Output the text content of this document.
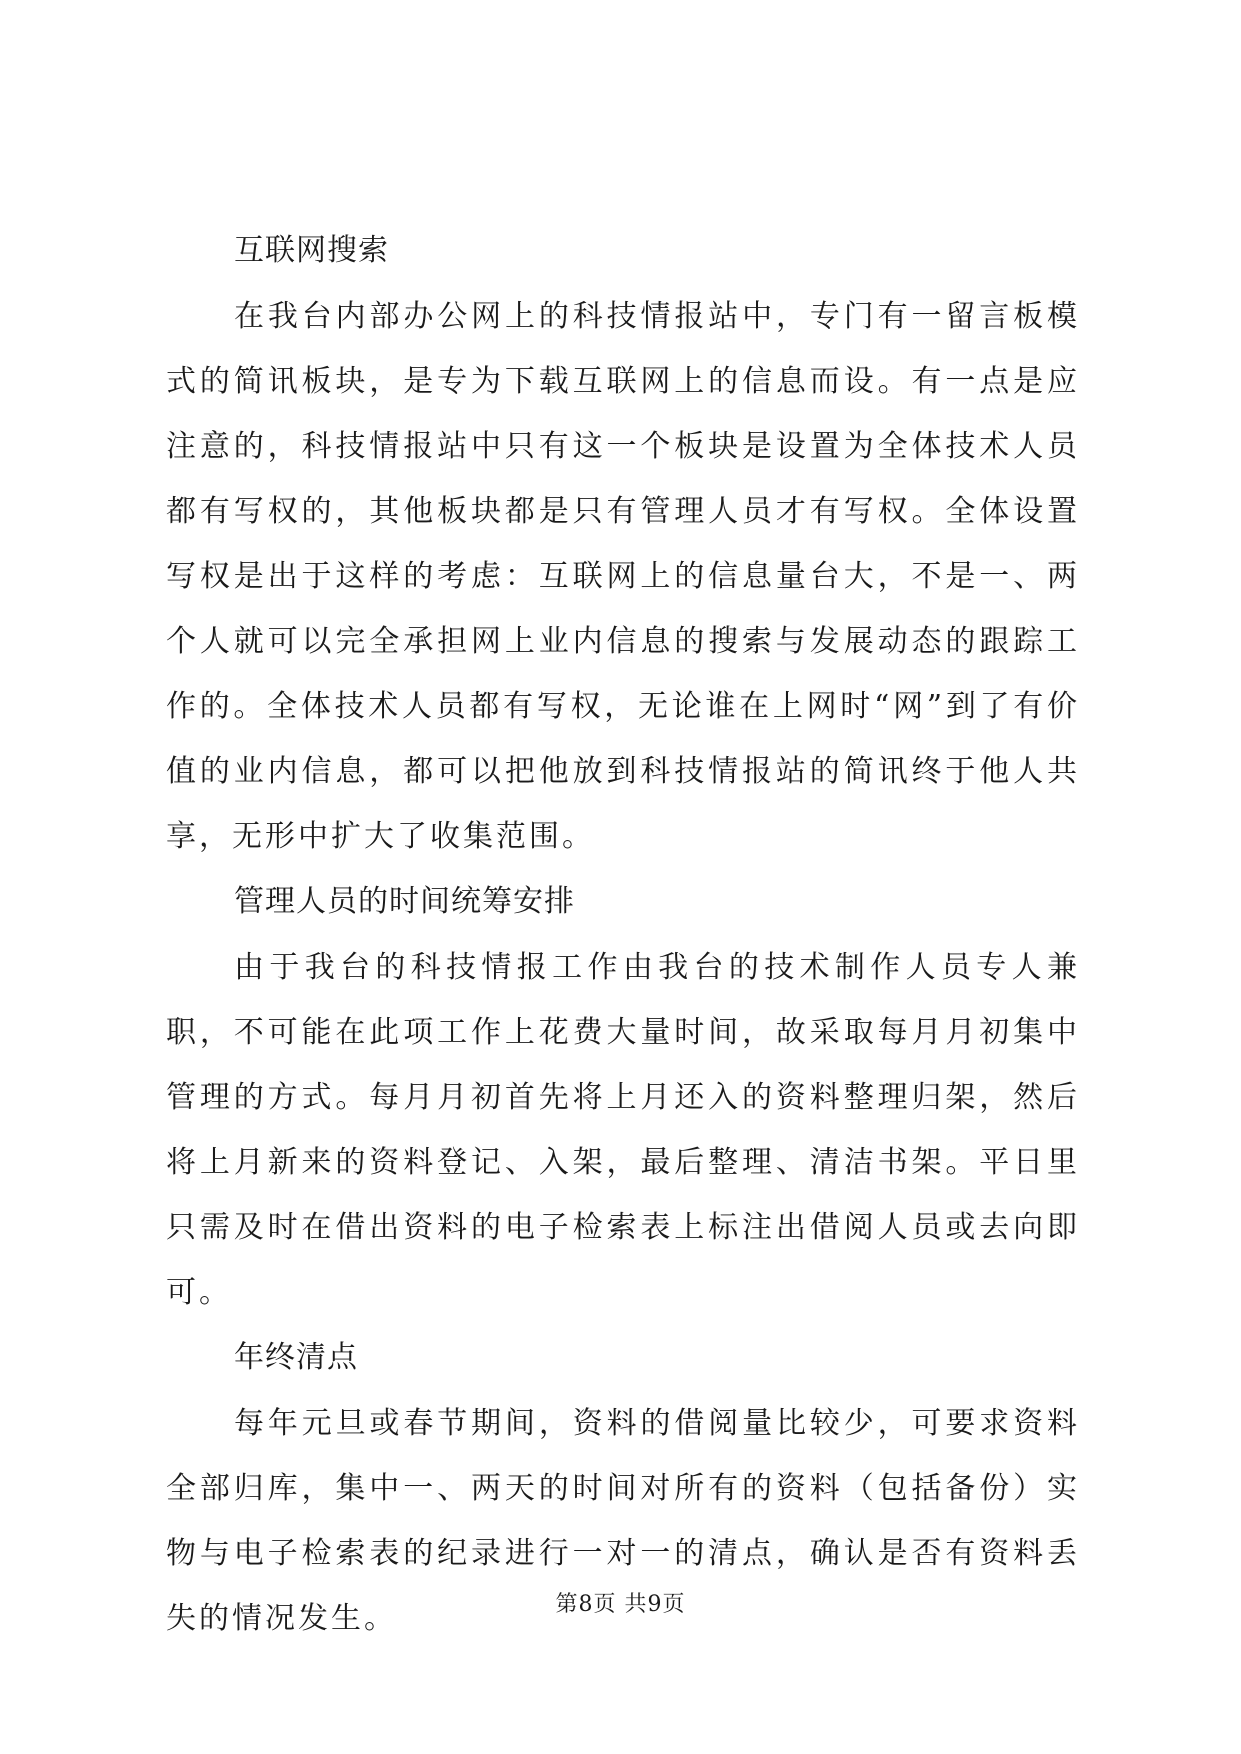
互联网搜索

在我台内部办公网上的科技情报站中，专门有一留言板模式的简讯板块，是专为下载互联网上的信息而设。有一点是应注意的，科技情报站中只有这一个板块是设置为全体技术人员都有写权的，其他板块都是只有管理人员才有写权。全体设置写权是出于这样的考虑：互联网上的信息量台大，不是一、两个人就可以完全承担网上业内信息的搜索与发展动态的跟踪工作的。全体技术人员都有写权，无论谁在上网时“网”到了有价值的业内信息，都可以把他放到科技情报站的简讯终于他人共享，无形中扩大了收集范围。

管理人员的时间统筹安排

由于我台的科技情报工作由我台的技术制作人员专人兼职，不可能在此项工作上花费大量时间，故采取每月月初集中管理的方式。每月月初首先将上月还入的资料整理归架，然后将上月新来的资料登记、入架，最后整理、清洁书架。平日里只需及时在借出资料的电子检索表上标注出借阅人员或去向即可。

年终清点

每年元旦或春节期间，资料的借阅量比较少，可要求资料全部归库，集中一、两天的时间对所有的资料（包括备份）实物与电子检索表的纪录进行一对一的清点，确认是否有资料丢失的情况发生。	第8页 共9页
